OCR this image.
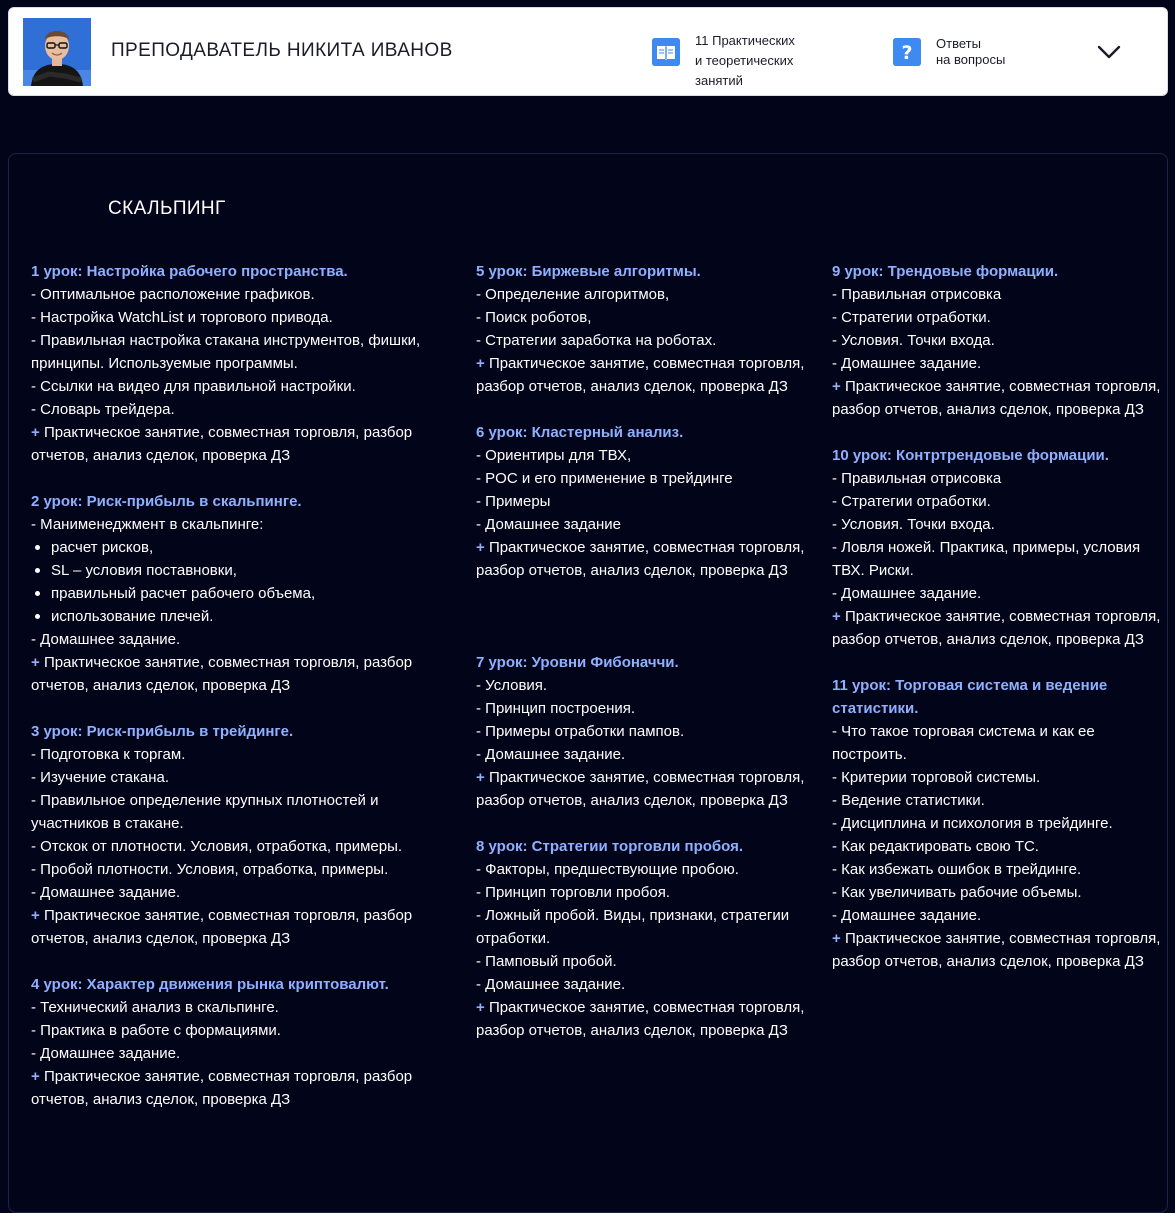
ПРЕПОДАВАТЕЛЬ НИКИТА ИВАНОВ	11 Практических
и теоретических
занятий
? Ответы
на вопросы
СКАЛЬПИНГ
1 урок: Настройка рабочего пространства.
- Оптимальное расположение графиков.
- Настройка WatchList и торгового привода.
- Правильная настройка стакана инструментов, фишки, принципы. Используемые программы.
- Ссылки на видео для правильной настройки.
- Словарь трейдера.
+ Практическое занятие, совместная торговля, разбор отчетов, анализ сделок, проверка ДЗ
2 урок: Риск-прибыль в скальпинге.
- Манименеджмент в скальпинге:
расчет рисков,
SL – условия поставновки,
правильный расчет рабочего объема,
использование плечей.
- Домашнее задание.
+ Практическое занятие, совместная торговля, разбор отчетов, анализ сделок, проверка ДЗ
3 урок: Риск-прибыль в трейдинге.
- Подготовка к торгам.
- Изучение стакана.
- Правильное определение крупных плотностей и участников в стакане.
- Отскок от плотности. Условия, отработка, примеры.
- Пробой плотности. Условия, отработка, примеры.
- Домашнее задание.
+ Практическое занятие, совместная торговля, разбор отчетов, анализ сделок, проверка ДЗ
4 урок: Характер движения рынка криптовалют.
- Технический анализ в скальпинге.
- Практика в работе с формациями.
- Домашнее задание.
+ Практическое занятие, совместная торговля, разбор отчетов, анализ сделок, проверка ДЗ
5 урок: Биржевые алгоритмы.
- Определение алгоритмов,
- Поиск роботов,
- Стратегии заработка на роботах.
+ Практическое занятие, совместная торговля, разбор отчетов, анализ сделок, проверка ДЗ
6 урок: Кластерный анализ.
- Ориентиры для ТВХ,
- POC и его применение в трейдинге
- Примеры
- Домашнее задание
+ Практическое занятие, совместная торговля, разбор отчетов, анализ сделок, проверка ДЗ
7 урок: Уровни Фибоначчи.
- Условия.
- Принцип построения.
- Примеры отработки пампов.
- Домашнее задание.
+ Практическое занятие, совместная торговля, разбор отчетов, анализ сделок, проверка ДЗ
8 урок: Стратегии торговли пробоя.
- Факторы, предшествующие пробою.
- Принцип торговли пробоя.
- Ложный пробой. Виды, признаки, стратегии отработки.
- Памповый пробой.
- Домашнее задание.
+ Практическое занятие, совместная торговля, разбор отчетов, анализ сделок, проверка ДЗ
9 урок: Трендовые формации.
- Правильная отрисовка
- Стратегии отработки.
- Условия. Точки входа.
- Домашнее задание.
+ Практическое занятие, совместная торговля, разбор отчетов, анализ сделок, проверка ДЗ
10 урок: Контртрендовые формации.
- Правильная отрисовка
- Стратегии отработки.
- Условия. Точки входа.
- Ловля ножей. Практика, примеры, условия ТВХ. Риски.
- Домашнее задание.
+ Практическое занятие, совместная торговля, разбор отчетов, анализ сделок, проверка ДЗ
11 урок: Торговая система и ведение статистики.
- Что такое торговая система и как ее построить.
- Критерии торговой системы.
- Ведение статистики.
- Дисциплина и психология в трейдинге.
- Как редактировать свою ТС.
- Как избежать ошибок в трейдинге.
- Как увеличивать рабочие объемы.
- Домашнее задание.
+ Практическое занятие, совместная торговля, разбор отчетов, анализ сделок, проверка ДЗ
